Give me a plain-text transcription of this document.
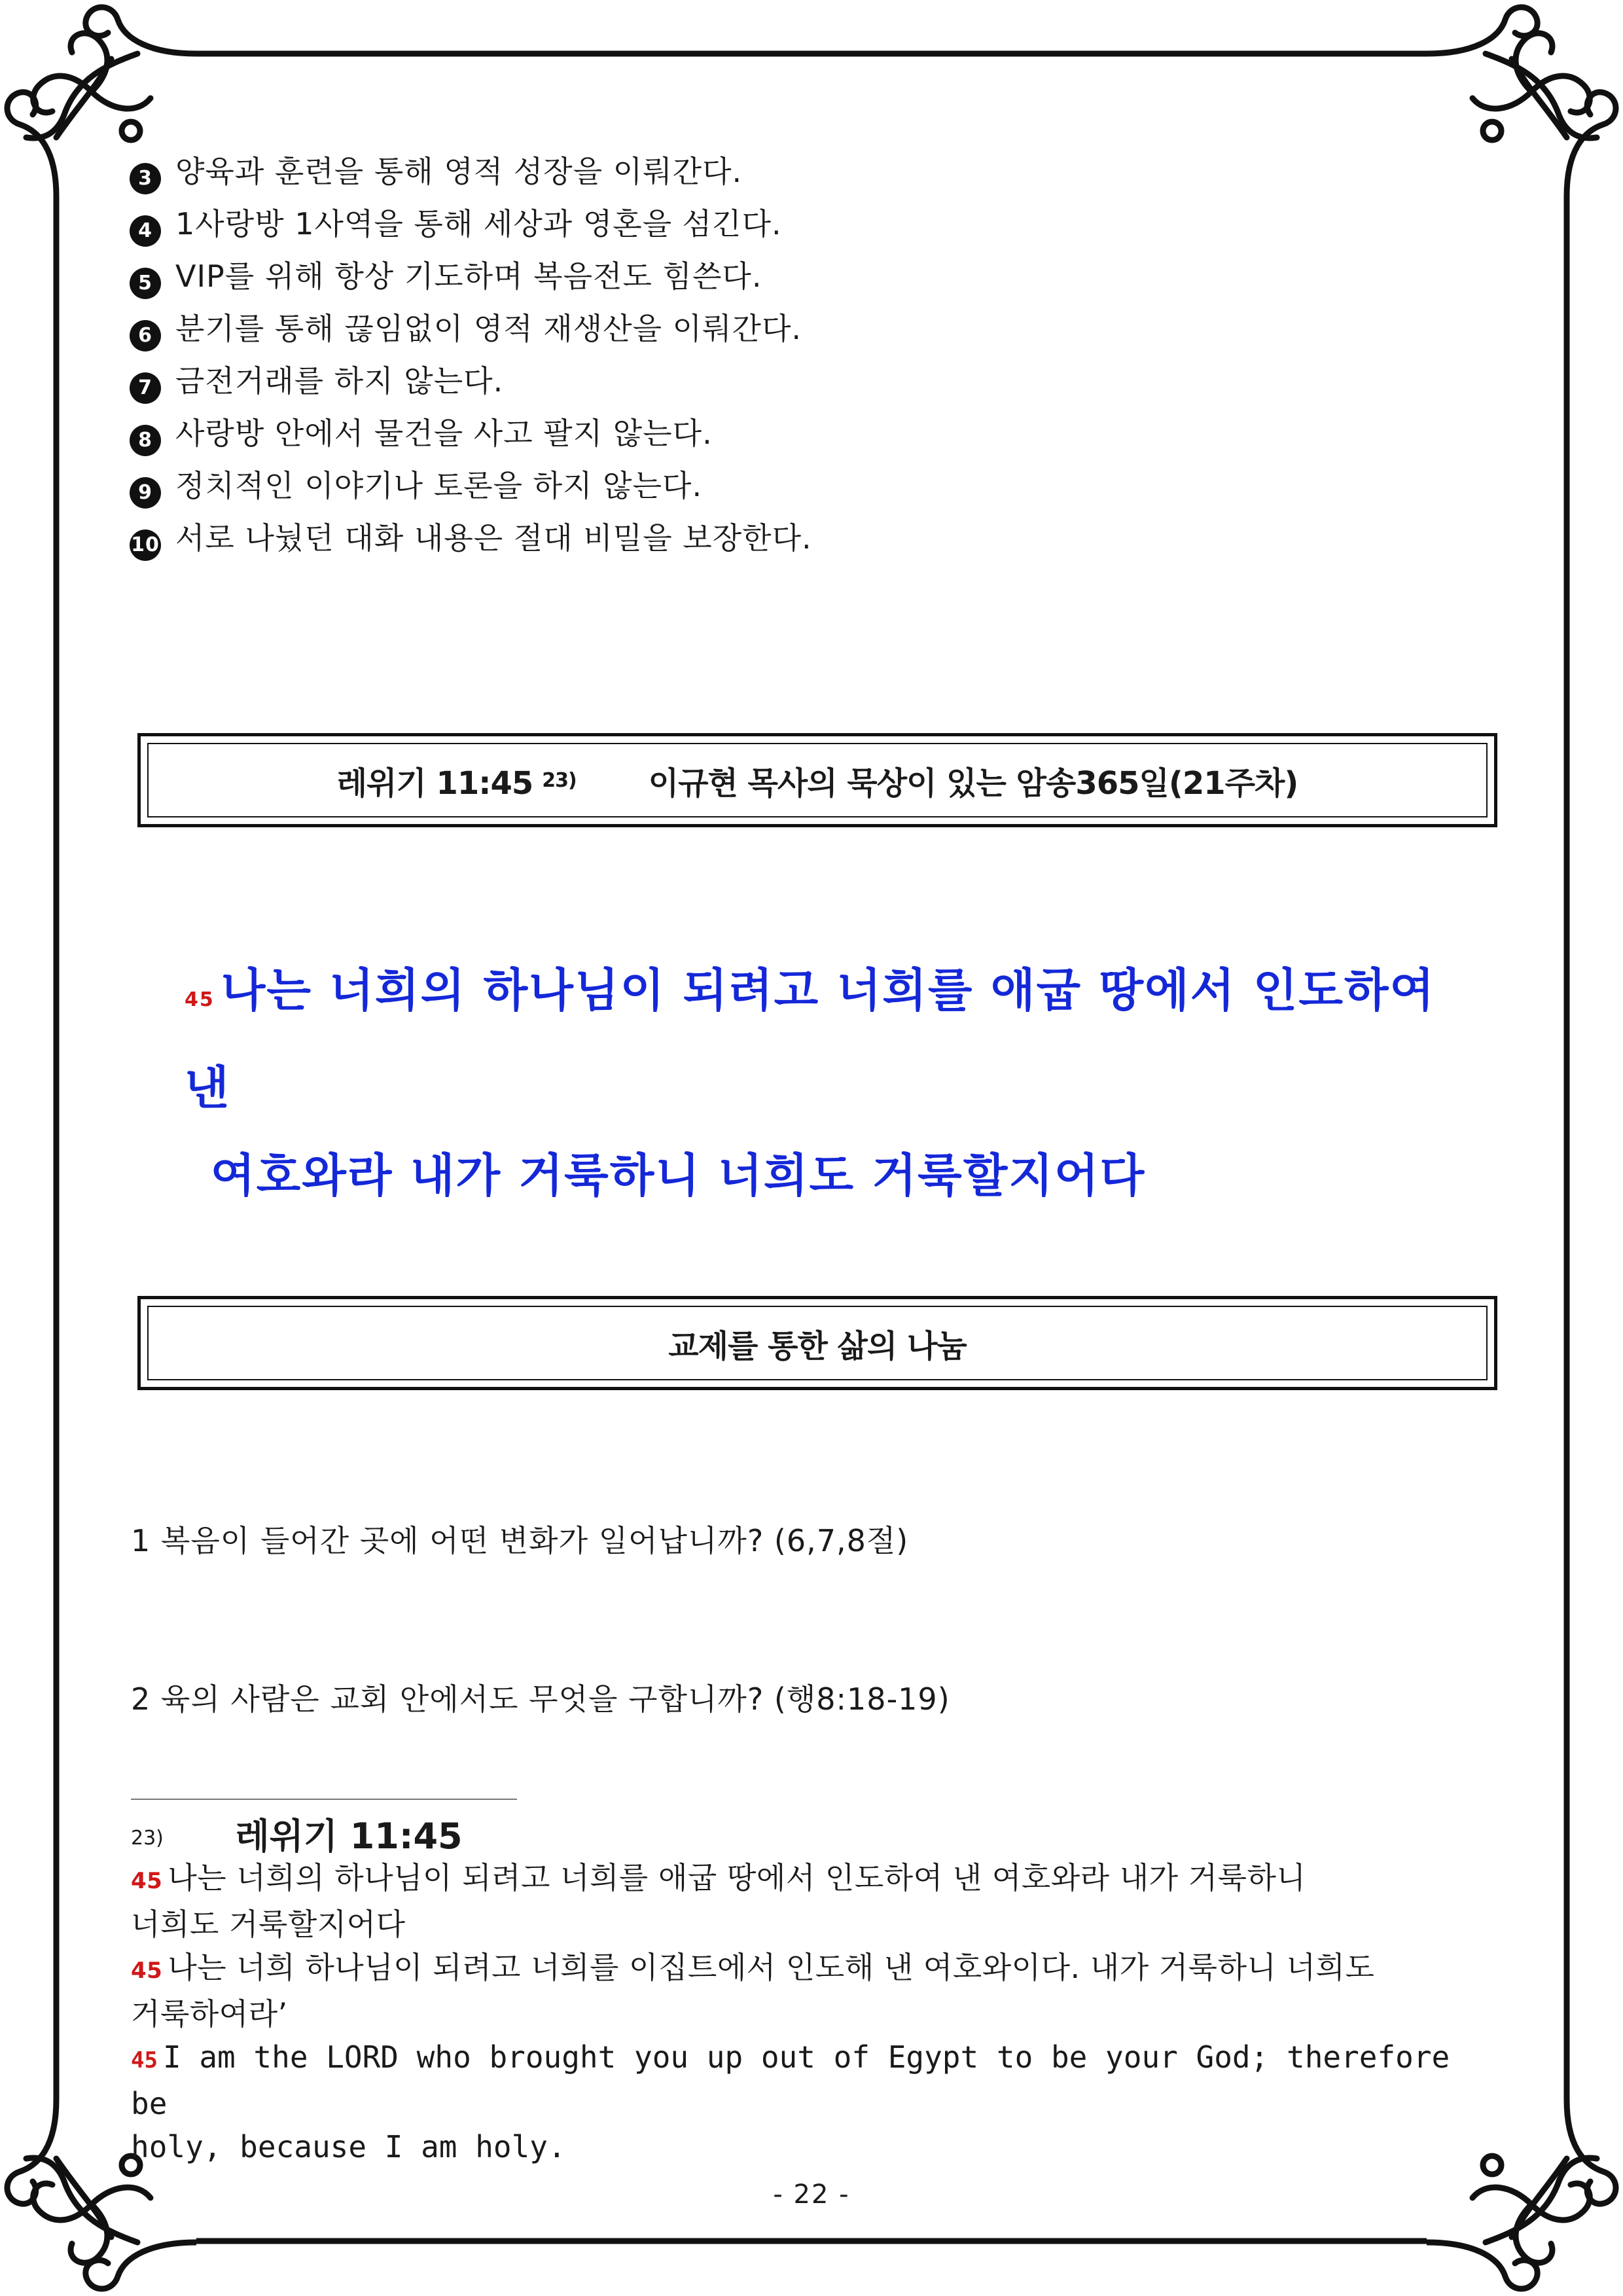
3 양육과 훈련을 통해 영적 성장을 이뤄간다.
4 1사랑방 1사역을 통해 세상과 영혼을 섬긴다.
5 VIP를 위해 항상 기도하며 복음전도 힘쓴다.
6 분기를 통해 끊임없이 영적 재생산을 이뤄간다.
7 금전거래를 하지 않는다.
8 사랑방 안에서 물건을 사고 팔지 않는다.
9 정치적인 이야기나 토론을 하지 않는다.
10 서로 나눴던 대화 내용은 절대 비밀을 보장한다.
레위기 11:45 23) 이규현 목사의 묵상이 있는 암송365일(21주차)
45 나는 너희의 하나님이 되려고 너희를 애굽 땅에서 인도하여 낸
여호와라 내가 거룩하니 너희도 거룩할지어다
교제를 통한 삶의 나눔
1 복음이 들어간 곳에 어떤 변화가 일어납니까? (6,7,8절)
2 육의 사람은 교회 안에서도 무엇을 구합니까? (행8:18-19)
23) 레위기 11:45
45 나는 너희의 하나님이 되려고 너희를 애굽 땅에서 인도하여 낸 여호와라 내가 거룩하니
너희도 거룩할지어다
45 나는 너희 하나님이 되려고 너희를 이집트에서 인도해 낸 여호와이다. 내가 거룩하니 너희도
거룩하여라’
45 I am the LORD who brought you up out of Egypt to be your God; therefore be
holy, because I am holy.
- 22 -
